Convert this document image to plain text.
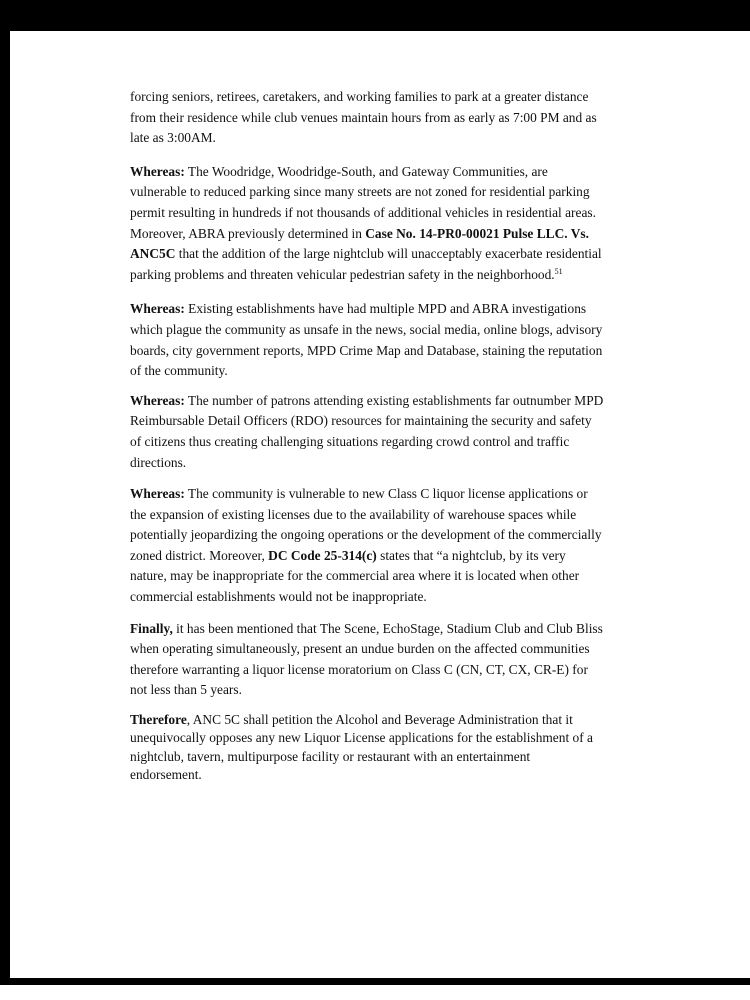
forcing seniors, retirees, caretakers, and working families to park at a greater distance from their residence while club venues maintain hours from as early as 7:00 PM and as late as 3:00AM.

Whereas: The Woodridge, Woodridge-South, and Gateway Communities, are vulnerable to reduced parking since many streets are not zoned for residential parking permit resulting in hundreds if not thousands of additional vehicles in residential areas. Moreover, ABRA previously determined in Case No. 14-PR0-00021 Pulse LLC. Vs. ANC5C that the addition of the large nightclub will unacceptably exacerbate residential parking problems and threaten vehicular pedestrian safety in the neighborhood.$^{51}$

Whereas: Existing establishments have had multiple MPD and ABRA investigations which plague the community as unsafe in the news, social media, online blogs, advisory boards, city government reports, MPD Crime Map and Database, staining the reputation of the community.

Whereas: The number of patrons attending existing establishments far outnumber MPD Reimbursable Detail Officers (RDO) resources for maintaining the security and safety of citizens thus creating challenging situations regarding crowd control and traffic directions.

Whereas: The community is vulnerable to new Class C liquor license applications or the expansion of existing licenses due to the availability of warehouse spaces while potentially jeopardizing the ongoing operations or the development of the commercially zoned district. Moreover, DC Code 25-314(c) states that “a nightclub, by its very nature, may be inappropriate for the commercial area where it is located when other commercial establishments would not be inappropriate.

Finally, it has been mentioned that The Scene, EchoStage, Stadium Club and Club Bliss when operating simultaneously, present an undue burden on the affected communities therefore warranting a liquor license moratorium on Class C (CN, CT, CX, CR-E) for not less than 5 years.

Therefore, ANC 5C shall petition the Alcohol and Beverage Administration that it unequivocally opposes any new Liquor License applications for the establishment of a nightclub, tavern, multipurpose facility or restaurant with an entertainment endorsement.
